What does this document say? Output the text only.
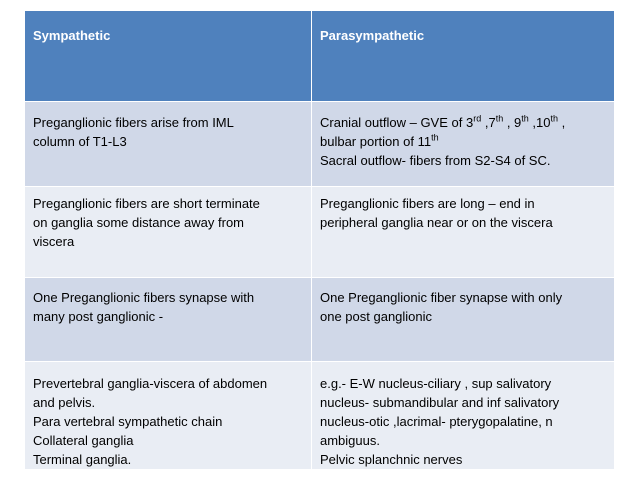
Sympathetic	Parasympathetic

Preganglionic fibers arise from IML
column of T1-L3	Cranial outflow – GVE of 3rd ,7th , 9th ,10th ,
bulbar portion of 11th
Sacral outflow- fibers from S2-S4 of SC.

Preganglionic fibers are short terminate
on ganglia some distance away from
viscera	Preganglionic fibers are long – end in
peripheral ganglia near or on the viscera

One Preganglionic fibers synapse with
many post ganglionic -	One Preganglionic fiber synapse with only
one post ganglionic

Prevertebral ganglia-viscera of abdomen
and pelvis.
Para vertebral sympathetic chain
Collateral ganglia
Terminal ganglia.	e.g.- E-W nucleus-ciliary , sup salivatory
nucleus- submandibular and inf salivatory
nucleus-otic ,lacrimal- pterygopalatine, n
ambiguus.
Pelvic splanchnic nerves
